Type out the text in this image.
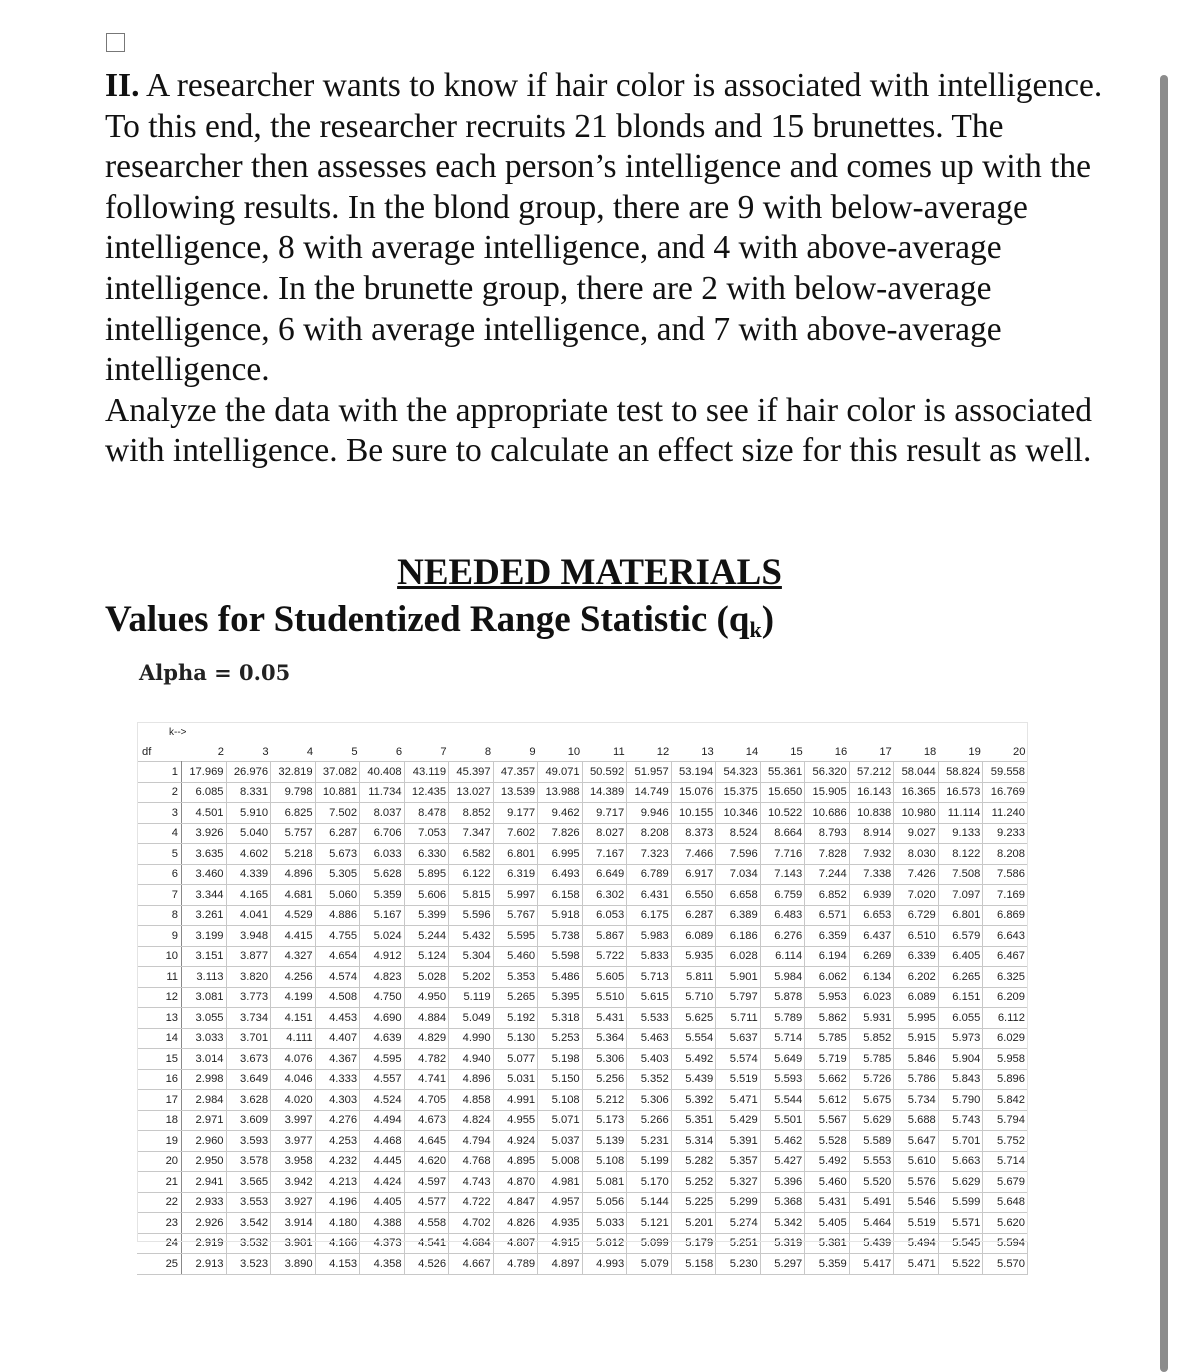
II. A researcher wants to know if hair color is associated with intelligence. To this end, the researcher recruits 21 blonds and 15 brunettes. The researcher then assesses each person’s intelligence and comes up with the following results. In the blond group, there are 9 with below-average intelligence, 8 with average intelligence, and 4 with above-average intelligence. In the brunette group, there are 2 with below-average intelligence, 6 with average intelligence, and 7 with above-average intelligence.

Analyze the data with the appropriate test to see if hair color is associated with intelligence. Be sure to calculate an effect size for this result as well.

NEEDED MATERIALS
Values for Studentized Range Statistic $(q_k)$
Alpha = 0.05
k-->																			
df	2	3	4	5	6	7	8	9	10	11	12	13	14	15	16	17	18	19	20
1	17.969	26.976	32.819	37.082	40.408	43.119	45.397	47.357	49.071	50.592	51.957	53.194	54.323	55.361	56.320	57.212	58.044	58.824	59.558
2	6.085	8.331	9.798	10.881	11.734	12.435	13.027	13.539	13.988	14.389	14.749	15.076	15.375	15.650	15.905	16.143	16.365	16.573	16.769
3	4.501	5.910	6.825	7.502	8.037	8.478	8.852	9.177	9.462	9.717	9.946	10.155	10.346	10.522	10.686	10.838	10.980	11.114	11.240
4	3.926	5.040	5.757	6.287	6.706	7.053	7.347	7.602	7.826	8.027	8.208	8.373	8.524	8.664	8.793	8.914	9.027	9.133	9.233
5	3.635	4.602	5.218	5.673	6.033	6.330	6.582	6.801	6.995	7.167	7.323	7.466	7.596	7.716	7.828	7.932	8.030	8.122	8.208
6	3.460	4.339	4.896	5.305	5.628	5.895	6.122	6.319	6.493	6.649	6.789	6.917	7.034	7.143	7.244	7.338	7.426	7.508	7.586
7	3.344	4.165	4.681	5.060	5.359	5.606	5.815	5.997	6.158	6.302	6.431	6.550	6.658	6.759	6.852	6.939	7.020	7.097	7.169
8	3.261	4.041	4.529	4.886	5.167	5.399	5.596	5.767	5.918	6.053	6.175	6.287	6.389	6.483	6.571	6.653	6.729	6.801	6.869
9	3.199	3.948	4.415	4.755	5.024	5.244	5.432	5.595	5.738	5.867	5.983	6.089	6.186	6.276	6.359	6.437	6.510	6.579	6.643
10	3.151	3.877	4.327	4.654	4.912	5.124	5.304	5.460	5.598	5.722	5.833	5.935	6.028	6.114	6.194	6.269	6.339	6.405	6.467
11	3.113	3.820	4.256	4.574	4.823	5.028	5.202	5.353	5.486	5.605	5.713	5.811	5.901	5.984	6.062	6.134	6.202	6.265	6.325
12	3.081	3.773	4.199	4.508	4.750	4.950	5.119	5.265	5.395	5.510	5.615	5.710	5.797	5.878	5.953	6.023	6.089	6.151	6.209
13	3.055	3.734	4.151	4.453	4.690	4.884	5.049	5.192	5.318	5.431	5.533	5.625	5.711	5.789	5.862	5.931	5.995	6.055	6.112
14	3.033	3.701	4.111	4.407	4.639	4.829	4.990	5.130	5.253	5.364	5.463	5.554	5.637	5.714	5.785	5.852	5.915	5.973	6.029
15	3.014	3.673	4.076	4.367	4.595	4.782	4.940	5.077	5.198	5.306	5.403	5.492	5.574	5.649	5.719	5.785	5.846	5.904	5.958
16	2.998	3.649	4.046	4.333	4.557	4.741	4.896	5.031	5.150	5.256	5.352	5.439	5.519	5.593	5.662	5.726	5.786	5.843	5.896
17	2.984	3.628	4.020	4.303	4.524	4.705	4.858	4.991	5.108	5.212	5.306	5.392	5.471	5.544	5.612	5.675	5.734	5.790	5.842
18	2.971	3.609	3.997	4.276	4.494	4.673	4.824	4.955	5.071	5.173	5.266	5.351	5.429	5.501	5.567	5.629	5.688	5.743	5.794
19	2.960	3.593	3.977	4.253	4.468	4.645	4.794	4.924	5.037	5.139	5.231	5.314	5.391	5.462	5.528	5.589	5.647	5.701	5.752
20	2.950	3.578	3.958	4.232	4.445	4.620	4.768	4.895	5.008	5.108	5.199	5.282	5.357	5.427	5.492	5.553	5.610	5.663	5.714
21	2.941	3.565	3.942	4.213	4.424	4.597	4.743	4.870	4.981	5.081	5.170	5.252	5.327	5.396	5.460	5.520	5.576	5.629	5.679
22	2.933	3.553	3.927	4.196	4.405	4.577	4.722	4.847	4.957	5.056	5.144	5.225	5.299	5.368	5.431	5.491	5.546	5.599	5.648
23	2.926	3.542	3.914	4.180	4.388	4.558	4.702	4.826	4.935	5.033	5.121	5.201	5.274	5.342	5.405	5.464	5.519	5.571	5.620
24	2.919	3.532	3.901	4.166	4.373	4.541	4.684	4.807	4.915	5.012	5.099	5.179	5.251	5.319	5.381	5.439	5.494	5.545	5.594
25	2.913	3.523	3.890	4.153	4.358	4.526	4.667	4.789	4.897	4.993	5.079	5.158	5.230	5.297	5.359	5.417	5.471	5.522	5.570
